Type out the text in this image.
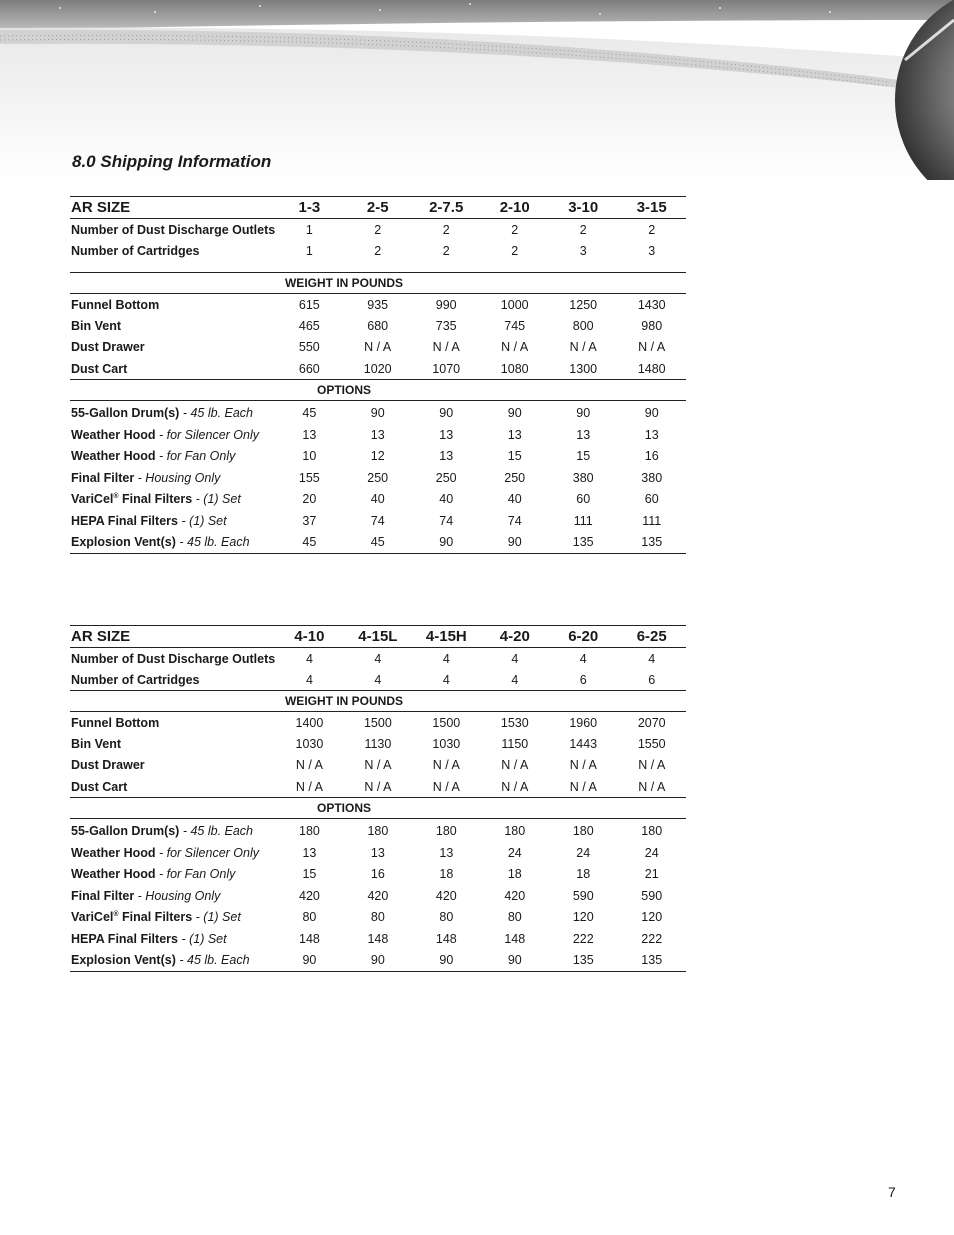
8.0 Shipping Information
AR SIZE	1-3	2-5	2-7.5	2-10	3-10	3-15
Number of Dust Discharge Outlets	1	2	2	2	2	2
Number of Cartridges	1	2	2	2	3	3

WEIGHT IN POUNDS						
Funnel Bottom	615	935	990	1000	1250	1430
Bin Vent	465	680	735	745	800	980
Dust Drawer	550	N / A	N / A	N / A	N / A	N / A
Dust Cart	660	1020	1070	1080	1300	1480
OPTIONS						

55-Gallon Drum(s) - 45 lb. Each	45	90	90	90	90	90
Weather Hood - for Silencer Only	13	13	13	13	13	13
Weather Hood - for Fan Only	10	12	13	15	15	16
Final Filter - Housing Only	155	250	250	250	380	380
VariCel® Final Filters - (1) Set	20	40	40	40	60	60
HEPA Final Filters - (1) Set	37	74	74	74	111	111
Explosion Vent(s) - 45 lb. Each	45	45	90	90	135	135
AR SIZE	4-10	4-15L	4-15H	4-20	6-20	6-25
Number of Dust Discharge Outlets	4	4	4	4	4	4
Number of Cartridges	4	4	4	4	6	6
WEIGHT IN POUNDS						
Funnel Bottom	1400	1500	1500	1530	1960	2070
Bin Vent	1030	1130	1030	1150	1443	1550
Dust Drawer	N / A	N / A	N / A	N / A	N / A	N / A
Dust Cart	N / A	N / A	N / A	N / A	N / A	N / A
OPTIONS						

55-Gallon Drum(s) - 45 lb. Each	180	180	180	180	180	180
Weather Hood - for Silencer Only	13	13	13	24	24	24
Weather Hood - for Fan Only	15	16	18	18	18	21
Final Filter - Housing Only	420	420	420	420	590	590
VariCel® Final Filters - (1) Set	80	80	80	80	120	120
HEPA Final Filters - (1) Set	148	148	148	148	222	222
Explosion Vent(s) - 45 lb. Each	90	90	90	90	135	135
7
